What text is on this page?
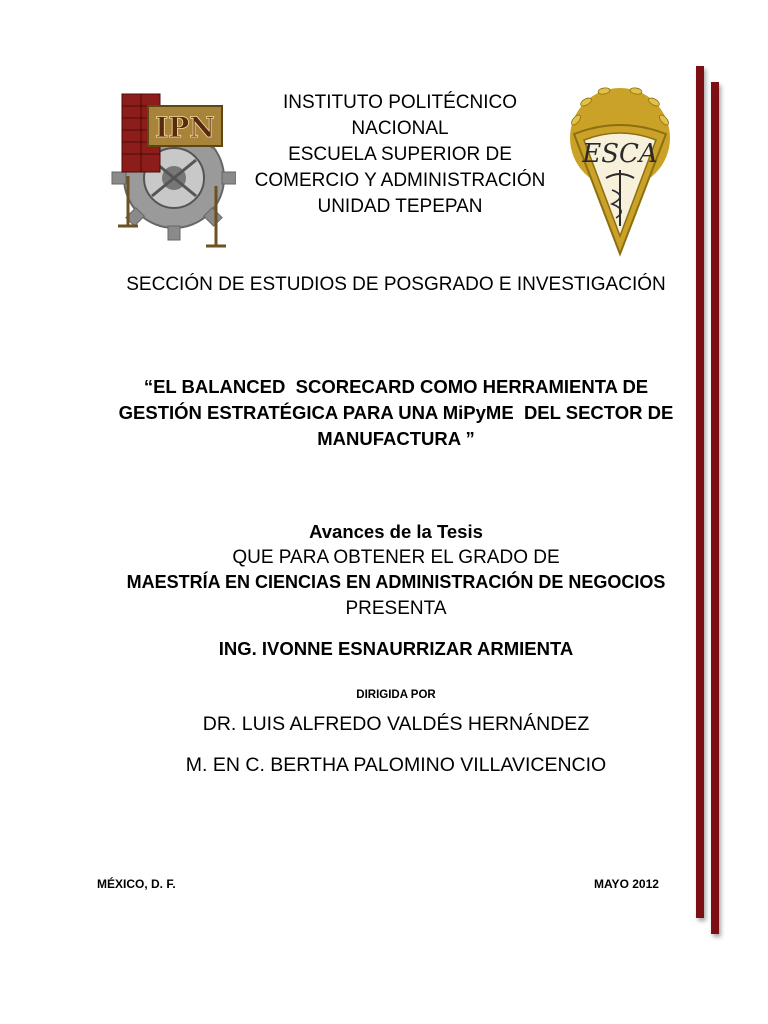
IPN
ESCA
INSTITUTO POLITÉCNICO
NACIONAL
ESCUELA SUPERIOR DE
COMERCIO Y ADMINISTRACIÓN
UNIDAD TEPEPAN
SECCIÓN DE ESTUDIOS DE POSGRADO E INVESTIGACIÓN
“EL BALANCED  SCORECARD COMO HERRAMIENTA DE
GESTIÓN ESTRATÉGICA PARA UNA MiPyME  DEL SECTOR DE
MANUFACTURA ”
Avances de la Tesis
QUE PARA OBTENER EL GRADO DE
MAESTRÍA EN CIENCIAS EN ADMINISTRACIÓN DE NEGOCIOS
PRESENTA
ING. IVONNE ESNAURRIZAR ARMIENTA
DIRIGIDA POR
DR. LUIS ALFREDO VALDÉS HERNÁNDEZ
M. EN C. BERTHA PALOMINO VILLAVICENCIO
MÉXICO, D. F.	MAYO 2012
